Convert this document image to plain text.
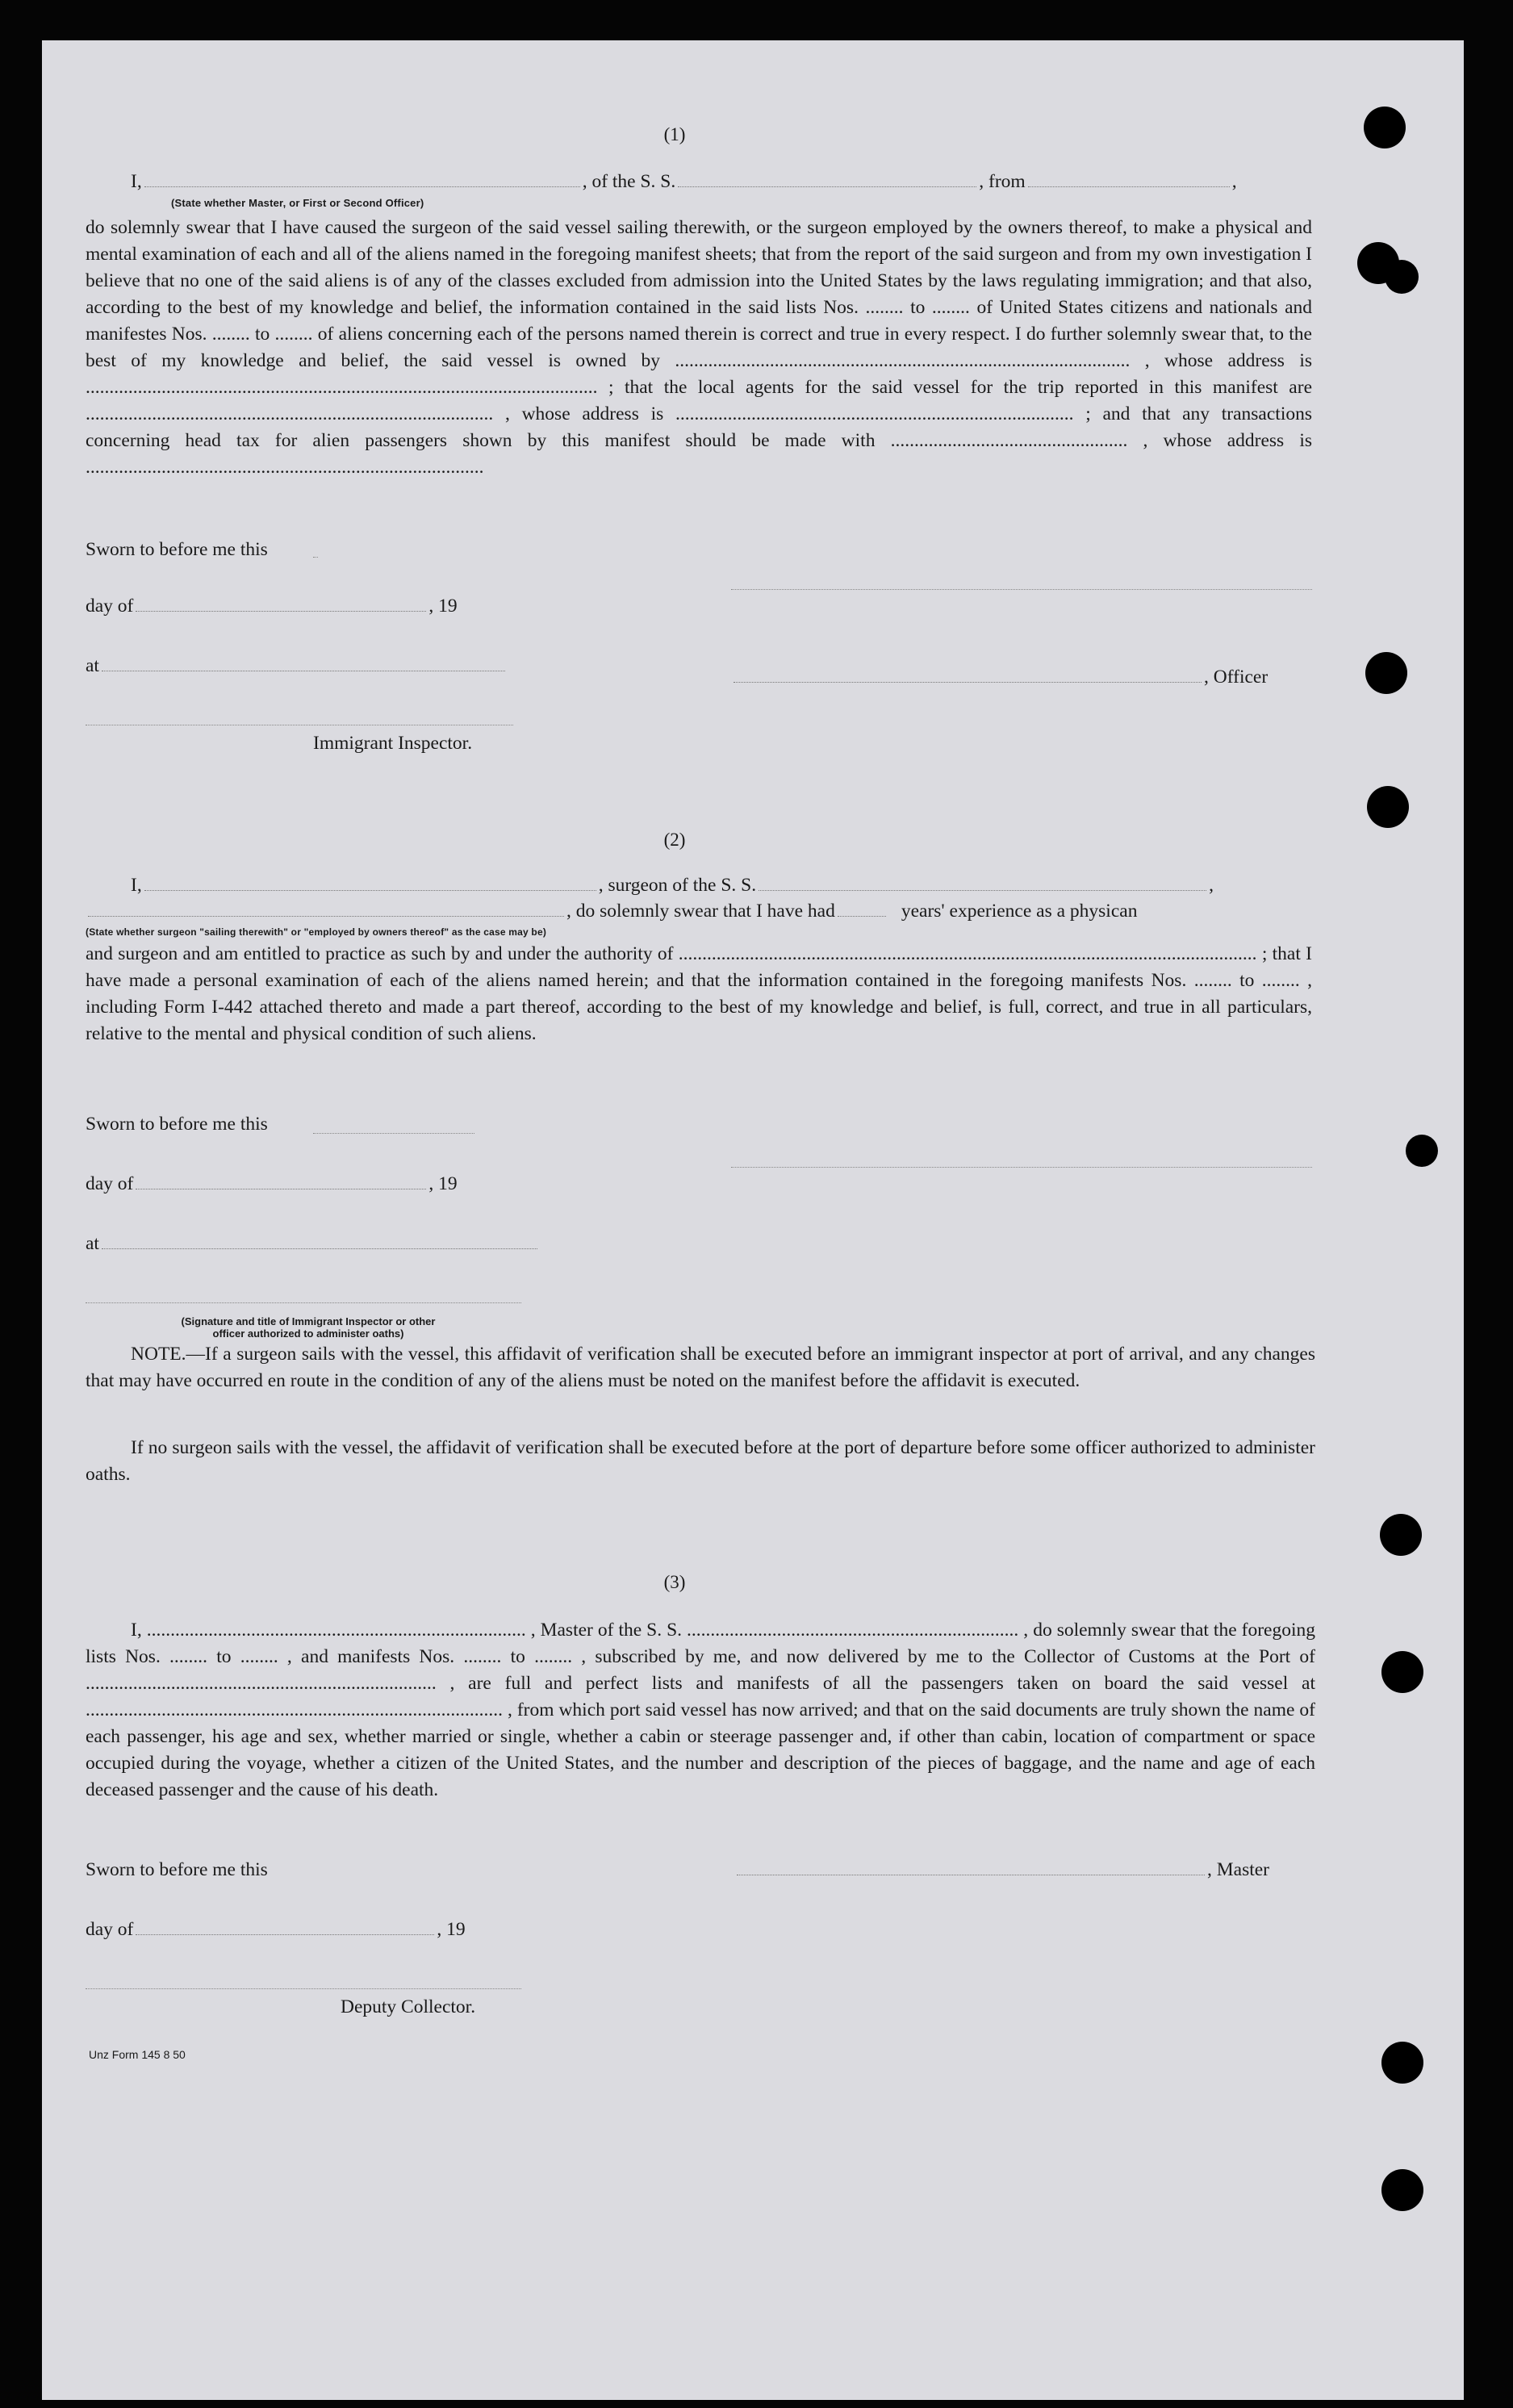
(1)
I,	, of the S. S.	, from	,
(State whether Master, or First or Second Officer)

do solemnly swear that I have caused the surgeon of the said vessel sailing therewith, or the surgeon employed by the owners thereof, to make a physical and mental examination of each and all of the aliens named in the foregoing manifest sheets; that from the report of the said surgeon and from my own investigation I believe that no one of the said aliens is of any of the classes excluded from admission into the United States by the laws regulating immigration; and that also, according to the best of my knowledge and belief, the information contained in the said lists Nos. ........ to ........ of United States citizens and nationals and manifestes Nos. ........ to ........ of aliens concerning each of the persons named therein is correct and true in every respect. I do further solemnly swear that, to the best of my knowledge and belief, the said vessel is owned by ................................................................................................ , whose address is ............................................................................................................ ; that the local agents for the said vessel for the trip reported in this manifest are ...................................................................................... , whose address is .................................................................................... ; and that any transactions concerning head tax for alien passengers shown by this manifest should be made with .................................................. , whose address is ....................................................................................

Sworn to before me this
day of	, 19
at
, Officer
Immigrant Inspector.
(2)
I,	, surgeon of the S. S.	,
, do solemnly swear that I have had	years' experience as a physican
(State whether surgeon "sailing therewith" or "employed by owners thereof" as the case may be)

and surgeon and am entitled to practice as such by and under the authority of .......................................................................................................................... ; that I have made a personal examination of each of the aliens named herein; and that the information contained in the foregoing manifests Nos. ........ to ........ , including Form I-442 attached thereto and made a part thereof, according to the best of my knowledge and belief, is full, correct, and true in all particulars, relative to the mental and physical condition of such aliens.

Sworn to before me this
day of	, 19
at
(Signature and title of Immigrant Inspector or other
officer authorized to administer oaths)

NOTE.—If a surgeon sails with the vessel, this affidavit of verification shall be executed before an immigrant inspector at port of arrival, and any changes that may have occurred en route in the condition of any of the aliens must be noted on the manifest before the affidavit is executed.

If no surgeon sails with the vessel, the affidavit of verification shall be executed before at the port of departure before some officer authorized to administer oaths.

(3)

I, ................................................................................ , Master of the S. S. ...................................................................... , do solemnly swear that the foregoing lists Nos. ........ to ........ , and manifests Nos. ........ to ........ , subscribed by me, and now delivered by me to the Collector of Customs at the Port of .......................................................................... , are full and perfect lists and manifests of all the passengers taken on board the said vessel at ........................................................................................ , from which port said vessel has now arrived; and that on the said documents are truly shown the name of each passenger, his age and sex, whether married or single, whether a cabin or steerage passenger and, if other than cabin, location of compartment or space occupied during the voyage, whether a citizen of the United States, and the number and description of the pieces of baggage, and the name and age of each deceased passenger and the cause of his death.

Sworn to before me this	, Master
day of	, 19
Deputy Collector.
Unz Form 145 8 50
